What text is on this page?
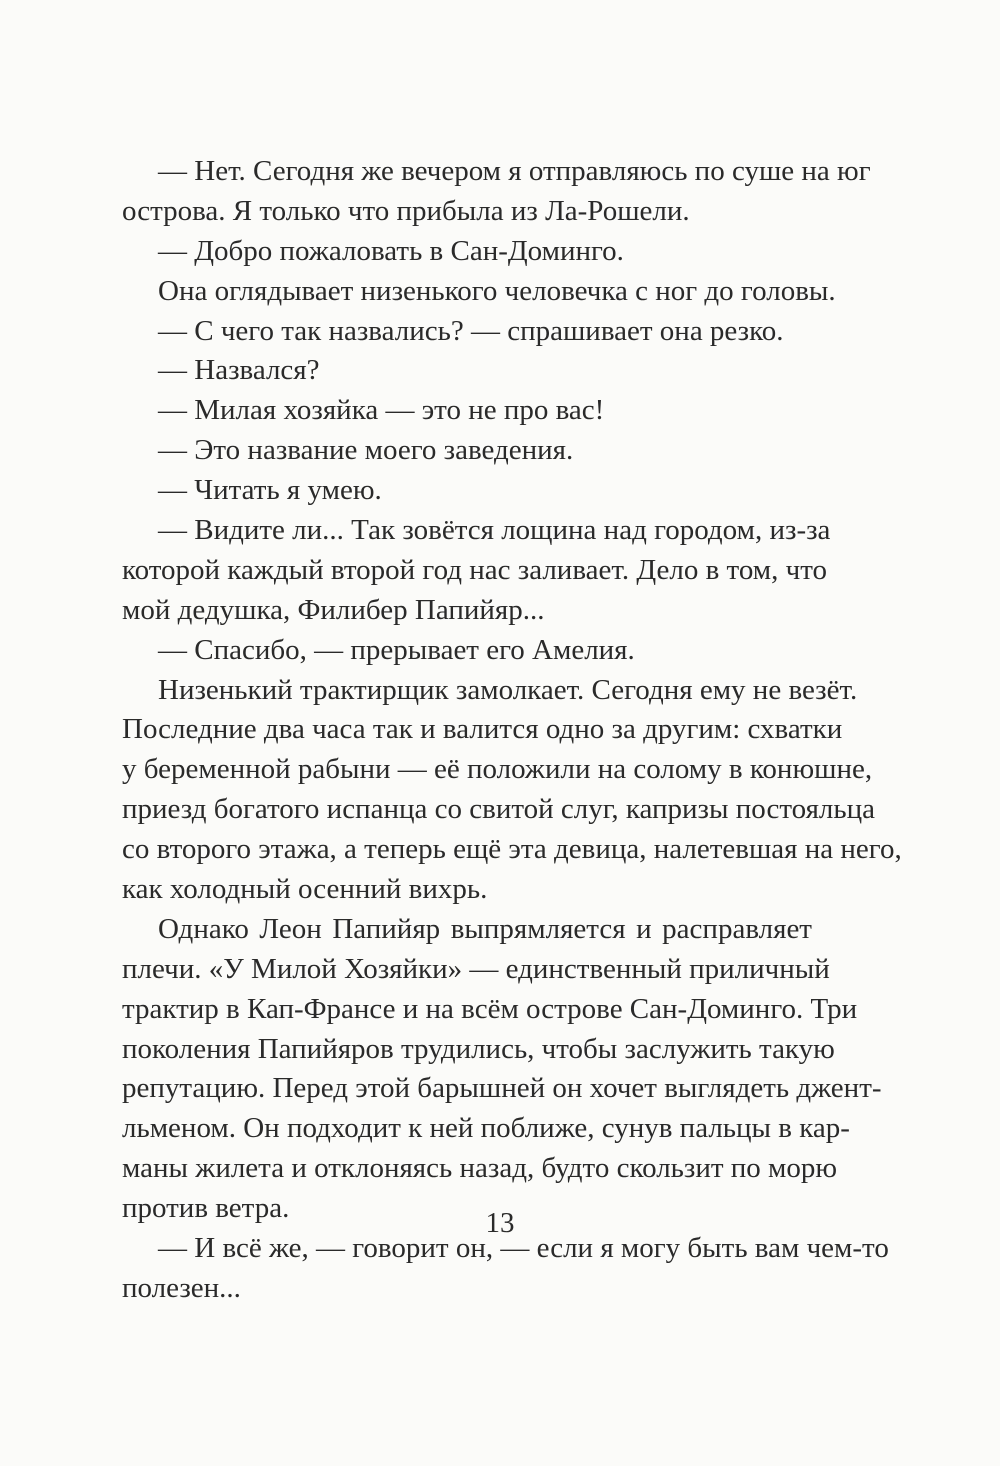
— Нет. Сегодня же вечером я отправляюсь по суше на юг
острова. Я только что прибыла из Ла-Рошели.
— Добро пожаловать в Сан-Доминго.
Она оглядывает низенького человечка с ног до головы.
— С чего так назвались? — спрашивает она резко.
— Назвался?
— Милая хозяйка — это не про вас!
— Это название моего заведения.
— Читать я умею.
— Видите ли... Так зовётся лощина над городом, из-за
которой каждый второй год нас заливает. Дело в том, что
мой дедушка, Филибер Папийяр...
— Спасибо, — прерывает его Амелия.
Низенький трактирщик замолкает. Сегодня ему не везёт.
Последние два часа так и валится одно за другим: схватки
у беременной рабыни — её положили на солому в конюшне,
приезд богатого испанца со свитой слуг, капризы постояльца
со второго этажа, а теперь ещё эта девица, налетевшая на него,
как холодный осенний вихрь.
Однако Леон Папийяр выпрямляется и расправляет
плечи. «У Милой Хозяйки» — единственный приличный
трактир в Кап-Франсе и на всём острове Сан-Доминго. Три
поколения Папийяров трудились, чтобы заслужить такую
репутацию. Перед этой барышней он хочет выглядеть джент-
льменом. Он подходит к ней поближе, сунув пальцы в кар-
маны жилета и отклоняясь назад, будто скользит по морю
против ветра.
— И всё же, — говорит он, — если я могу быть вам чем-то
полезен...
13
